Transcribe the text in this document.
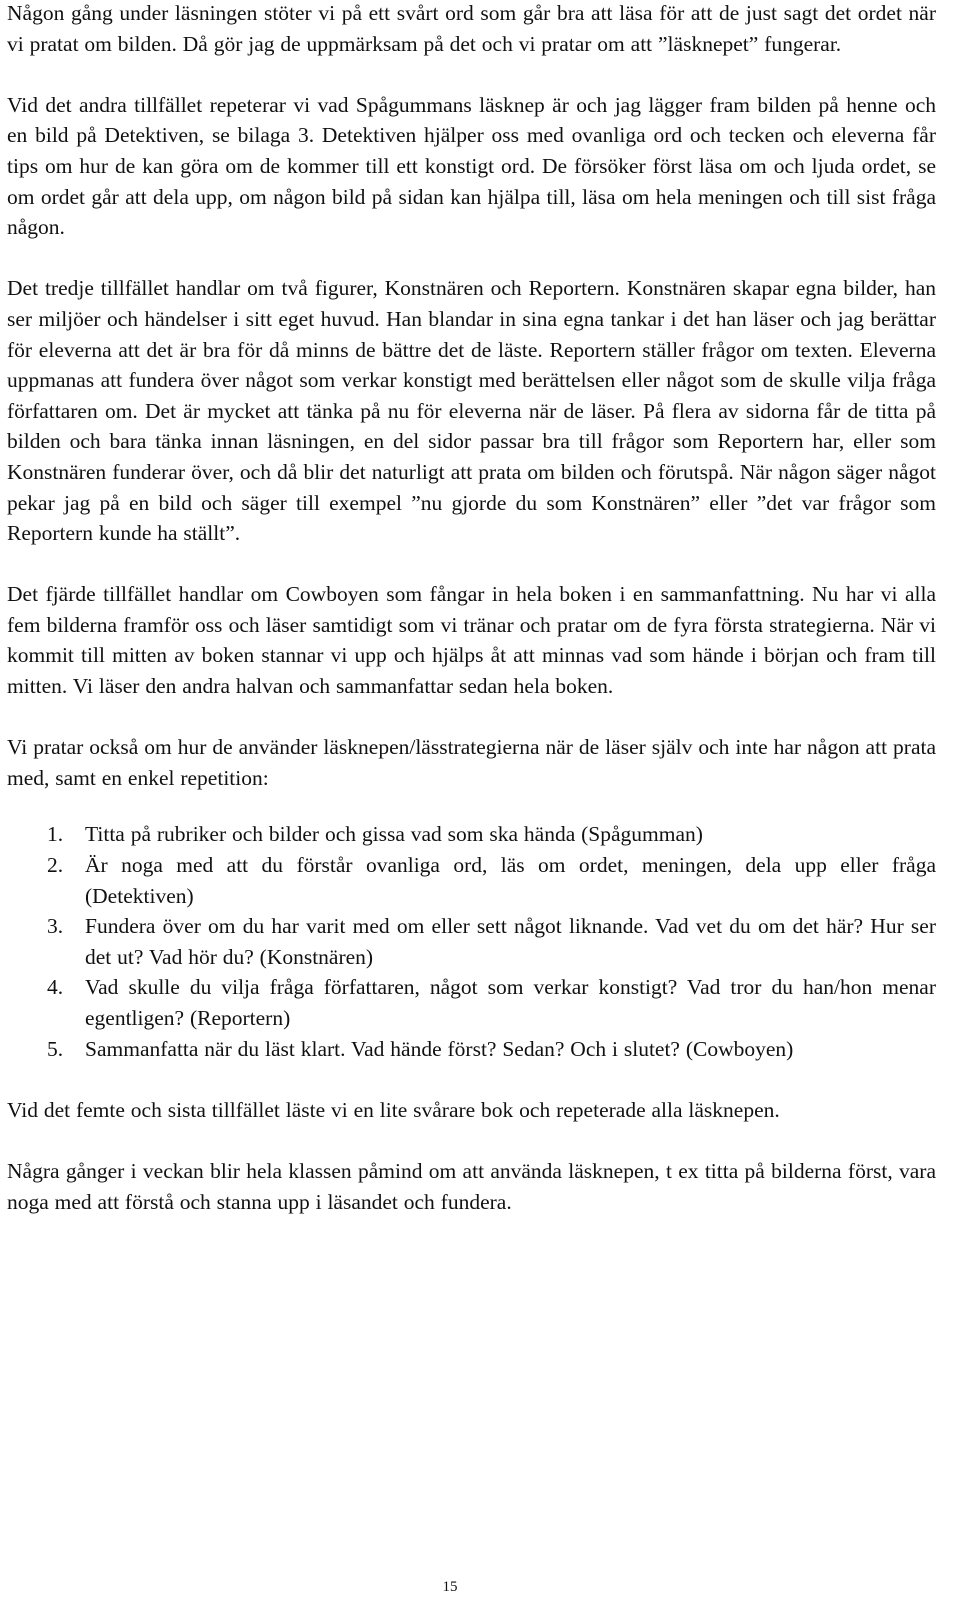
Någon gång under läsningen stöter vi på ett svårt ord som går bra att läsa för att de just sagt det ordet när vi pratat om bilden. Då gör jag de uppmärksam på det och vi pratar om att ”läsknepet” fungerar.

Vid det andra tillfället repeterar vi vad Spågummans läsknep är och jag lägger fram bilden på henne och en bild på Detektiven, se bilaga 3. Detektiven hjälper oss med ovanliga ord och tecken och eleverna får tips om hur de kan göra om de kommer till ett konstigt ord. De försöker först läsa om och ljuda ordet, se om ordet går att dela upp, om någon bild på sidan kan hjälpa till, läsa om hela meningen och till sist fråga någon.

Det tredje tillfället handlar om två figurer, Konstnären och Reportern. Konstnären skapar egna bilder, han ser miljöer och händelser i sitt eget huvud. Han blandar in sina egna tankar i det han läser och jag berättar för eleverna att det är bra för då minns de bättre det de läste. Reportern ställer frågor om texten. Eleverna uppmanas att fundera över något som verkar konstigt med berättelsen eller något som de skulle vilja fråga författaren om. Det är mycket att tänka på nu för eleverna när de läser. På flera av sidorna får de titta på bilden och bara tänka innan läsningen, en del sidor passar bra till frågor som Reportern har, eller som Konstnären funderar över, och då blir det naturligt att prata om bilden och förutspå. När någon säger något pekar jag på en bild och säger till exempel ”nu gjorde du som Konstnären” eller ”det var frågor som Reportern kunde ha ställt”.

Det fjärde tillfället handlar om Cowboyen som fångar in hela boken i en sammanfattning. Nu har vi alla fem bilderna framför oss och läser samtidigt som vi tränar och pratar om de fyra första strategierna. När vi kommit till mitten av boken stannar vi upp och hjälps åt att minnas vad som hände i början och fram till mitten. Vi läser den andra halvan och sammanfattar sedan hela boken.

Vi pratar också om hur de använder läsknepen/lässtrategierna när de läser själv och inte har någon att prata med, samt en enkel repetition:

1. Titta på rubriker och bilder och gissa vad som ska hända (Spågumman)
2. Är noga med att du förstår ovanliga ord, läs om ordet, meningen, dela upp eller fråga (Detektiven)
3. Fundera över om du har varit med om eller sett något liknande. Vad vet du om det här? Hur ser det ut? Vad hör du? (Konstnären)
4. Vad skulle du vilja fråga författaren, något som verkar konstigt? Vad tror du han/hon menar egentligen? (Reportern)
5. Sammanfatta när du läst klart. Vad hände först? Sedan? Och i slutet? (Cowboyen)

Vid det femte och sista tillfället läste vi en lite svårare bok och repeterade alla läsknepen.

Några gånger i veckan blir hela klassen påmind om att använda läsknepen, t ex titta på bilderna först, vara noga med att förstå och stanna upp i läsandet och fundera.

15
